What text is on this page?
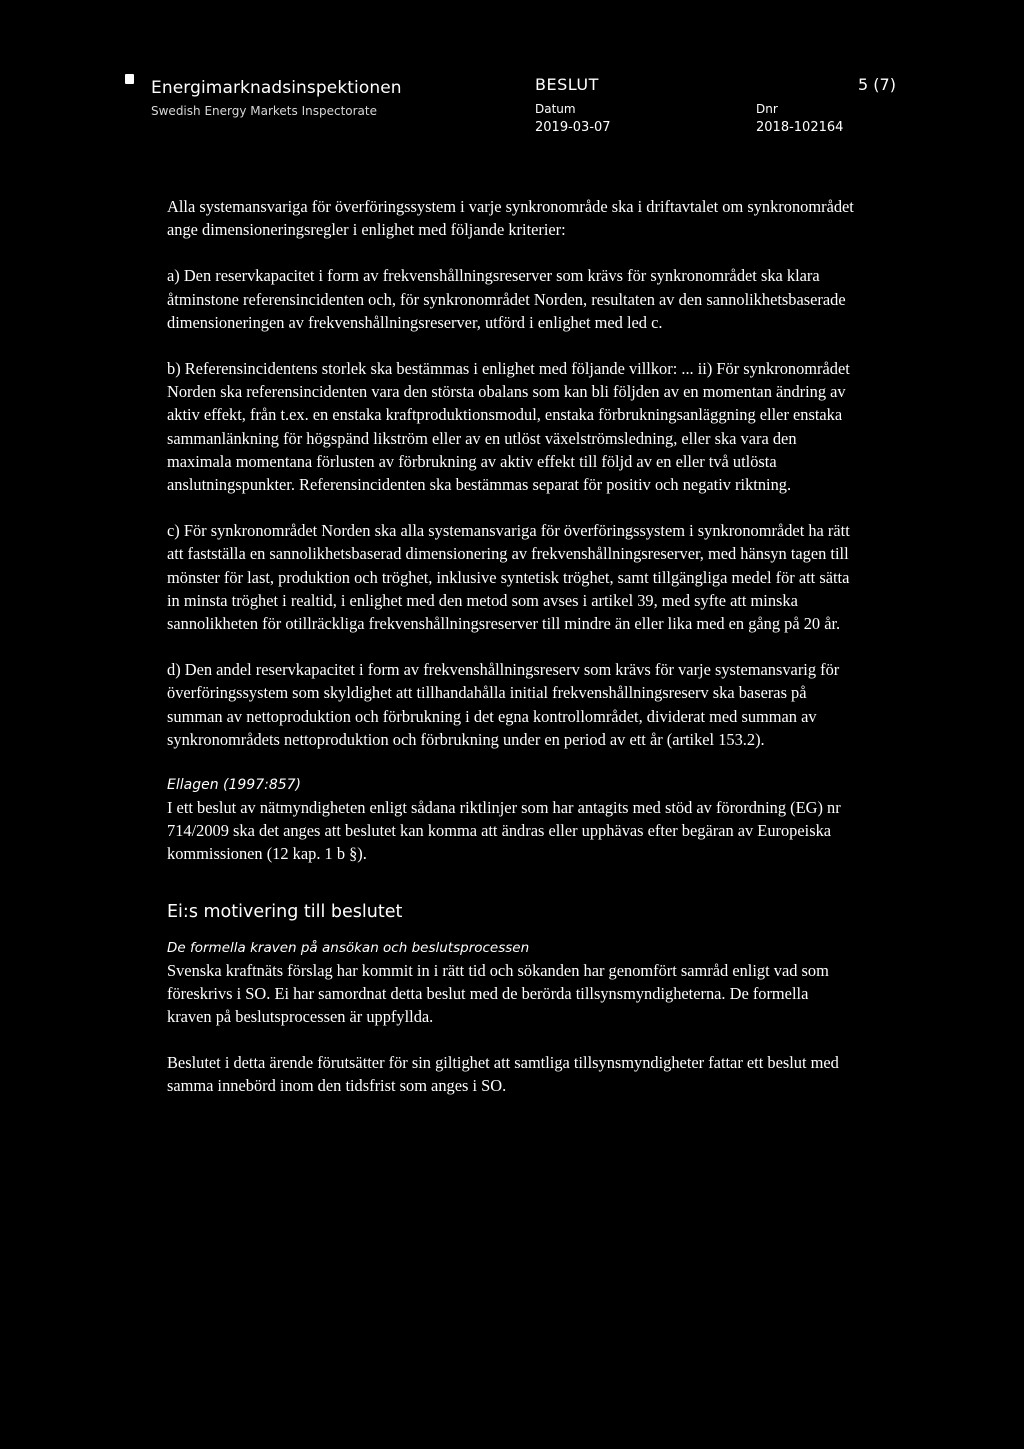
Energimarknadsinspektionen
Swedish Energy Markets Inspectorate
BESLUT	5 (7)
Datum
2019-03-07
Dnr
2018-102164

Alla systemansvariga för överföringssystem i varje synkronområde ska i driftavtalet om synkronområdet ange dimensioneringsregler i enlighet med följande kriterier:

a) Den reservkapacitet i form av frekvenshållningsreserver som krävs för synkronområdet ska klara åtminstone referensincidenten och, för synkronområdet Norden, resultaten av den sannolikhetsbaserade dimensioneringen av frekvenshållningsreserver, utförd i enlighet med led c.

b) Referensincidentens storlek ska bestämmas i enlighet med följande villkor: ... ii) För synkronområdet Norden ska referensincidenten vara den största obalans som kan bli följden av en momentan ändring av aktiv effekt, från t.ex. en enstaka kraftproduktionsmodul, enstaka förbrukningsanläggning eller enstaka sammanlänkning för högspänd likström eller av en utlöst växelströmsledning, eller ska vara den maximala momentana förlusten av förbrukning av aktiv effekt till följd av en eller två utlösta anslutningspunkter. Referensincidenten ska bestämmas separat för positiv och negativ riktning.

c) För synkronområdet Norden ska alla systemansvariga för överföringssystem i synkronområdet ha rätt att fastställa en sannolikhetsbaserad dimensionering av frekvenshållningsreserver, med hänsyn tagen till mönster för last, produktion och tröghet, inklusive syntetisk tröghet, samt tillgängliga medel för att sätta in minsta tröghet i realtid, i enlighet med den metod som avses i artikel 39, med syfte att minska sannolikheten för otillräckliga frekvenshållningsreserver till mindre än eller lika med en gång på 20 år.

d) Den andel reservkapacitet i form av frekvenshållningsreserv som krävs för varje systemansvarig för överföringssystem som skyldighet att tillhandahålla initial frekvenshållningsreserv ska baseras på summan av nettoproduktion och förbrukning i det egna kontrollområdet, dividerat med summan av synkronområdets nettoproduktion och förbrukning under en period av ett år (artikel 153.2).

Ellagen (1997:857)

I ett beslut av nätmyndigheten enligt sådana riktlinjer som har antagits med stöd av förordning (EG) nr 714/2009 ska det anges att beslutet kan komma att ändras eller upphävas efter begäran av Europeiska kommissionen (12 kap. 1 b §).

Ei:s motivering till beslutet
De formella kraven på ansökan och beslutsprocessen

Svenska kraftnäts förslag har kommit in i rätt tid och sökanden har genomfört samråd enligt vad som föreskrivs i SO. Ei har samordnat detta beslut med de berörda tillsynsmyndigheterna. De formella kraven på beslutsprocessen är uppfyllda.

Beslutet i detta ärende förutsätter för sin giltighet att samtliga tillsynsmyndigheter fattar ett beslut med samma innebörd inom den tidsfrist som anges i SO.
